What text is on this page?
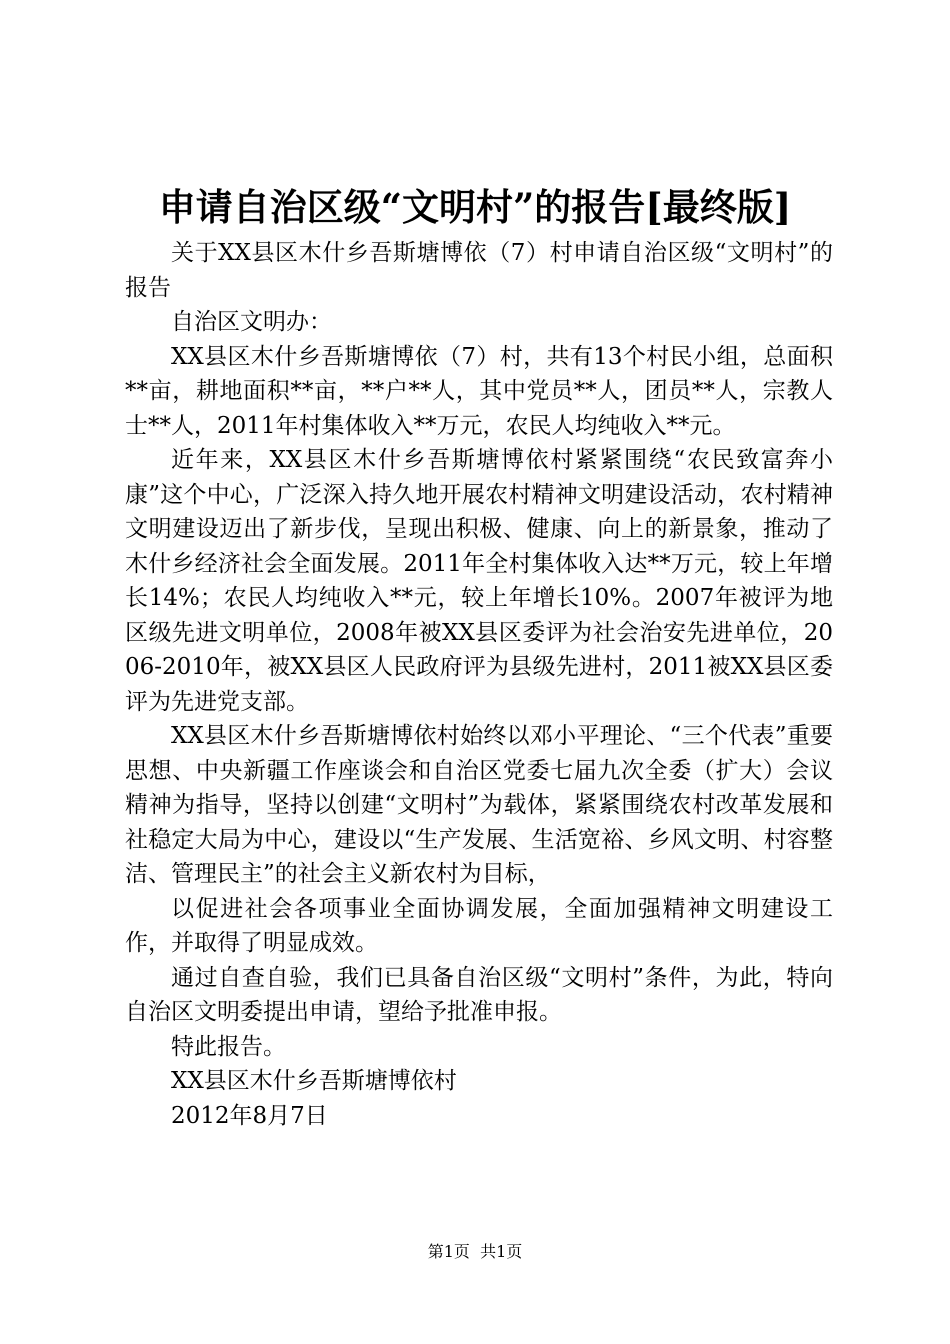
申请自治区级“文明村”的报告[最终版]

关于XX县区木什乡吾斯塘博依（7）村申请自治区级“文明村”的报告

自治区文明办：

XX县区木什乡吾斯塘博依（7）村，共有13个村民小组，总面积**亩，耕地面积**亩，**户**人，其中党员**人，团员**人，宗教人士**人，2011年村集体收入**万元，农民人均纯收入**元。

近年来，XX县区木什乡吾斯塘博依村紧紧围绕“农民致富奔小康”这个中心，广泛深入持久地开展农村精神文明建设活动，农村精神文明建设迈出了新步伐，呈现出积极、健康、向上的新景象，推动了木什乡经济社会全面发展。2011年全村集体收入达**万元，较上年增长14%；农民人均纯收入**元，较上年增长10%。2007年被评为地区级先进文明单位，2008年被XX县区委评为社会治安先进单位，2006-2010年，被XX县区人民政府评为县级先进村，2011被XX县区委评为先进党支部。

XX县区木什乡吾斯塘博依村始终以邓小平理论、“三个代表”重要思想、中央新疆工作座谈会和自治区党委七届九次全委（扩大）会议精神为指导，坚持以创建“文明村”为载体，紧紧围绕农村改革发展和社稳定大局为中心，建设以“生产发展、生活宽裕、乡风文明、村容整洁、管理民主”的社会主义新农村为目标，

以促进社会各项事业全面协调发展，全面加强精神文明建设工作，并取得了明显成效。

通过自查自验，我们已具备自治区级“文明村”条件，为此，特向自治区文明委提出申请，望给予批准申报。

特此报告。

XX县区木什乡吾斯塘博依村

2012年8月7日

第1页  共1页
